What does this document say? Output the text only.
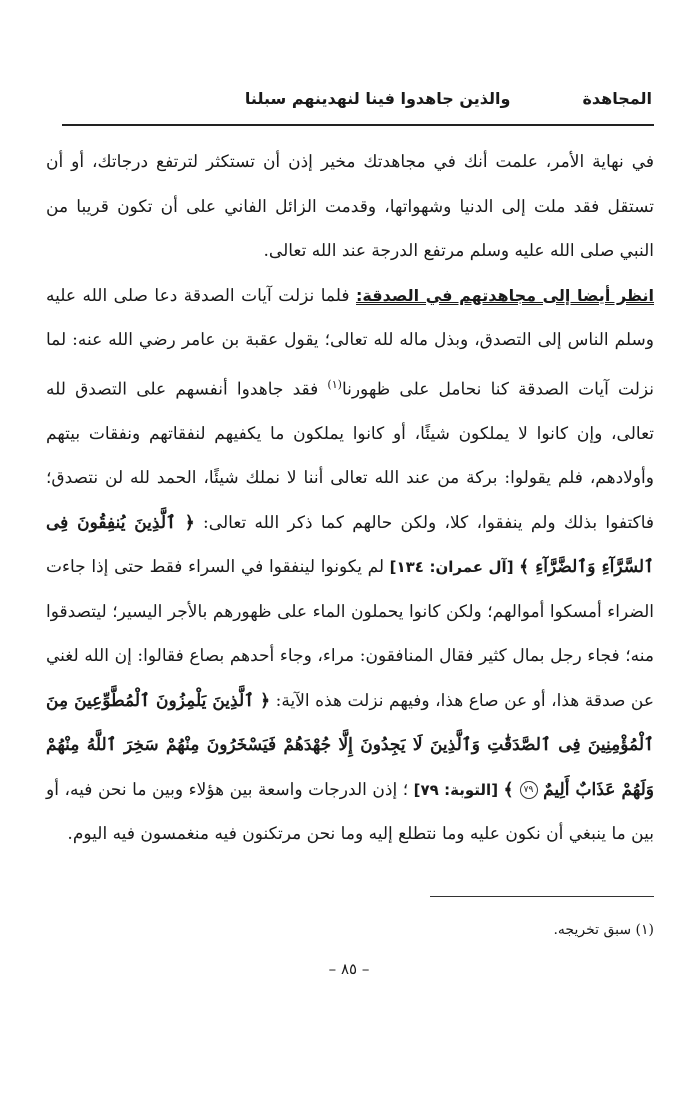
المجاهدة
والذين جاهدوا فينا لنهدينهم سبلنا

في نهاية الأمر، علمت أنك في مجاهدتك مخير إذن أن تستكثر لترتفع درجاتك، أو أن تستقل فقد ملت إلى الدنيا وشهواتها، وقدمت الزائل الفاني على أن تكون قريبا من النبي صلى الله عليه وسلم مرتفع الدرجة عند الله تعالى.

انظر أيضا إلى مجاهدتهم في الصدقة: فلما نزلت آيات الصدقة دعا صلى الله عليه وسلم الناس إلى التصدق، وبذل ماله لله تعالى؛ يقول عقبة بن عامر رضي الله عنه: لما نزلت آيات الصدقة كنا نحامل على ظهورنا$^{(١)}$ فقد جاهدوا أنفسهم على التصدق لله تعالى، وإن كانوا لا يملكون شيئًا، أو كانوا يملكون ما يكفيهم لنفقاتهم ونفقات بيتهم وأولادهم، فلم يقولوا: بركة من عند الله تعالى أننا لا نملك شيئًا، الحمد لله لن نتصدق؛ فاكتفوا بذلك ولم ينفقوا، كلا، ولكن حالهم كما ذكر الله تعالى: ﴿ ٱلَّذِينَ يُنفِقُونَ فِى ٱلسَّرَّآءِ وَٱلضَّرَّآءِ ﴾ [آل عمران: ١٣٤] لم يكونوا لينفقوا في السراء فقط حتى إذا جاءت الضراء أمسكوا أموالهم؛ ولكن كانوا يحملون الماء على ظهورهم بالأجر اليسير؛ ليتصدقوا منه؛ فجاء رجل بمال كثير فقال المنافقون: مراء، وجاء أحدهم بصاع فقالوا: إن الله لغني عن صدقة هذا، أو عن صاع هذا، وفيهم نزلت هذه الآية: ﴿ ٱلَّذِينَ يَلْمِزُونَ ٱلْمُطَّوِّعِينَ مِنَ ٱلْمُؤْمِنِينَ فِى ٱلصَّدَقَٰتِ وَٱلَّذِينَ لَا يَجِدُونَ إِلَّا جُهْدَهُمْ فَيَسْخَرُونَ مِنْهُمْ سَخِرَ ٱللَّهُ مِنْهُمْ وَلَهُمْ عَذَابٌ أَلِيمٌ ٧٩ ﴾ [التوبة: ٧٩] ؛ إذن الدرجات واسعة بين هؤلاء وبين ما نحن فيه، أو بين ما ينبغي أن نكون عليه وما نتطلع إليه وما نحن مرتكنون فيه منغمسون فيه اليوم.

(١) سبق تخريجه.
– ٨٥ –
